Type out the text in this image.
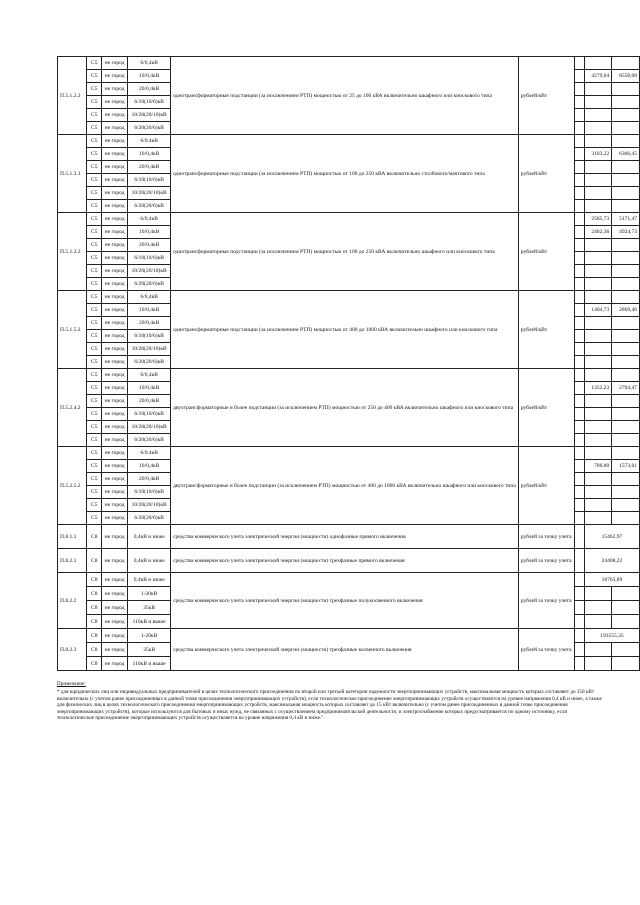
П.5.1.2.2	С5	не город	6/0,4кВ	однотрансформаторные подстанции (за исключением РТП) мощностью от 25 до 100 кВА включительно шкафного или киоскового типа	рублей/кВт			
	С5	не город	10/0,4кВ				4279,04	8558,08
	С5	не город	20/0,4кВ					
	С5	не город	6/10(10/6)кВ					
	С5	не город	10/20(20/10)кВ					
	С5	не город	6/20(20/6)кВ					
П.5.1.3.1	С5	не город	6/0,4кВ	однотрансформаторные подстанции (за исключением РТП) мощностью от 100 до 250 кВА включительно столбового/мачтового типа	рублей/кВт			
	С5	не город	10/0,4кВ				3183,22	6366,45
	С5	не город	20/0,4кВ					
	С5	не город	6/10(10/6)кВ					
	С5	не город	10/20(20/10)кВ					
	С5	не город	6/20(20/6)кВ					
П.5.1.3.2	С5	не город	6/0,4кВ	однотрансформаторные подстанции (за исключением РТП) мощностью от 100 до 250 кВА включительно шкафного или киоскового типа	рублей/кВт		2585,73	5171,47
	С5	не город	10/0,4кВ				2462,36	4924,73
	С5	не город	20/0,4кВ					
	С5	не город	6/10(10/6)кВ					
	С5	не город	10/20(20/10)кВ					
	С5	не город	6/20(20/6)кВ					
П.5.1.5.2	С5	не город	6/0,4кВ	однотрансформаторные подстанции (за исключением РТП) мощностью от 400 до 1000 кВА включительно шкафного или киоскового типа	рублей/кВт			
	С5	не город	10/0,4кВ				1404,73	2869,46
	С5	не город	20/0,4кВ					
	С5	не город	6/10(10/6)кВ					
	С5	не город	10/20(20/10)кВ					
	С5	не город	6/20(20/6)кВ					
П.5.2.4.2	С5	не город	6/0,4кВ	двухтрансформаторные и более подстанции (за исключением РТП) мощностью от 250 до 400 кВА включительно шкафного или киоскового типа	рублей/кВт			
	С5	не город	10/0,4кВ				1352,23	2704,47
	С5	не город	20/0,4кВ					
	С5	не город	6/10(10/6)кВ					
	С5	не город	10/20(20/10)кВ					
	С5	не город	6/20(20/6)кВ					
П.5.2.5.2	С5	не город	6/0,4кВ	двухтрансформаторные и более подстанции (за исключением РТП) мощностью от 400 до 1000 кВА включительно шкафного или киоскового типа	рублей/кВт			
	С5	не город	10/0,4кВ				786,80	1573,61
	С5	не город	20/0,4кВ					
	С5	не город	6/10(10/6)кВ					
	С5	не город	10/20(20/10)кВ					
	С5	не город	6/20(20/6)кВ					
П.8.1.1	С8	не город	0,4кВ и ниже	средства коммерческого учета электрической энергии (мощности) однофазные прямого включения	рублей за точку учета		15462,97	
П.8.2.1	С8	не город	0,4кВ и ниже	средства коммерческого учета электрической энергии (мощности) трехфазные прямого включения	рублей за точку учета		24408,22	
П.8.2.2	С8	не город	0,4кВ и ниже	средства коммерческого учета электрической энергии (мощности) трехфазные полукосвенного включения	рублей за точку учета		18763,89	
	С8	не город	1-20кВ					
	С8	не город	35кВ					
	С8	не город	110кВ и выше					
П.8.2.3	С8	не город	1-20кВ	средства коммерческого учета электрической энергии (мощности) трехфазные косвенного включения	рублей за точку учета		193555,35	
	С8	не город	35кВ					
	С8	не город	110кВ и выше					

Примечание:

* для юридических лиц или индивидуальных предпринимателей в целях технологического присоединения по второй или третьей категории надежности энергопринимающих устройств, максимальная мощность которых составляет до 150 кВт включительно (с учетом ранее присоединенных в данной точке присоединения энергопринимающих устройств), если технологическое присоединение энергопринимающих устройств осуществляется на уровне напряжения 0,4 кВ и ниже, а также для физических лиц в целях технологического присоединения энергопринимающих устройств, максимальная мощность которых составляет до 15 кВт включительно (с учетом ранее присоединенных в данной точке присоединения энергопринимающих устройств), которые используются для бытовых и иных нужд, не связанных с осуществлением предпринимательской деятельности, и электроснабжение которых предусматривается по одному источнику, если технологическое присоединение энергопринимающих устройств осуществляется на уровне напряжения 0,4 кВ и ниже.".
